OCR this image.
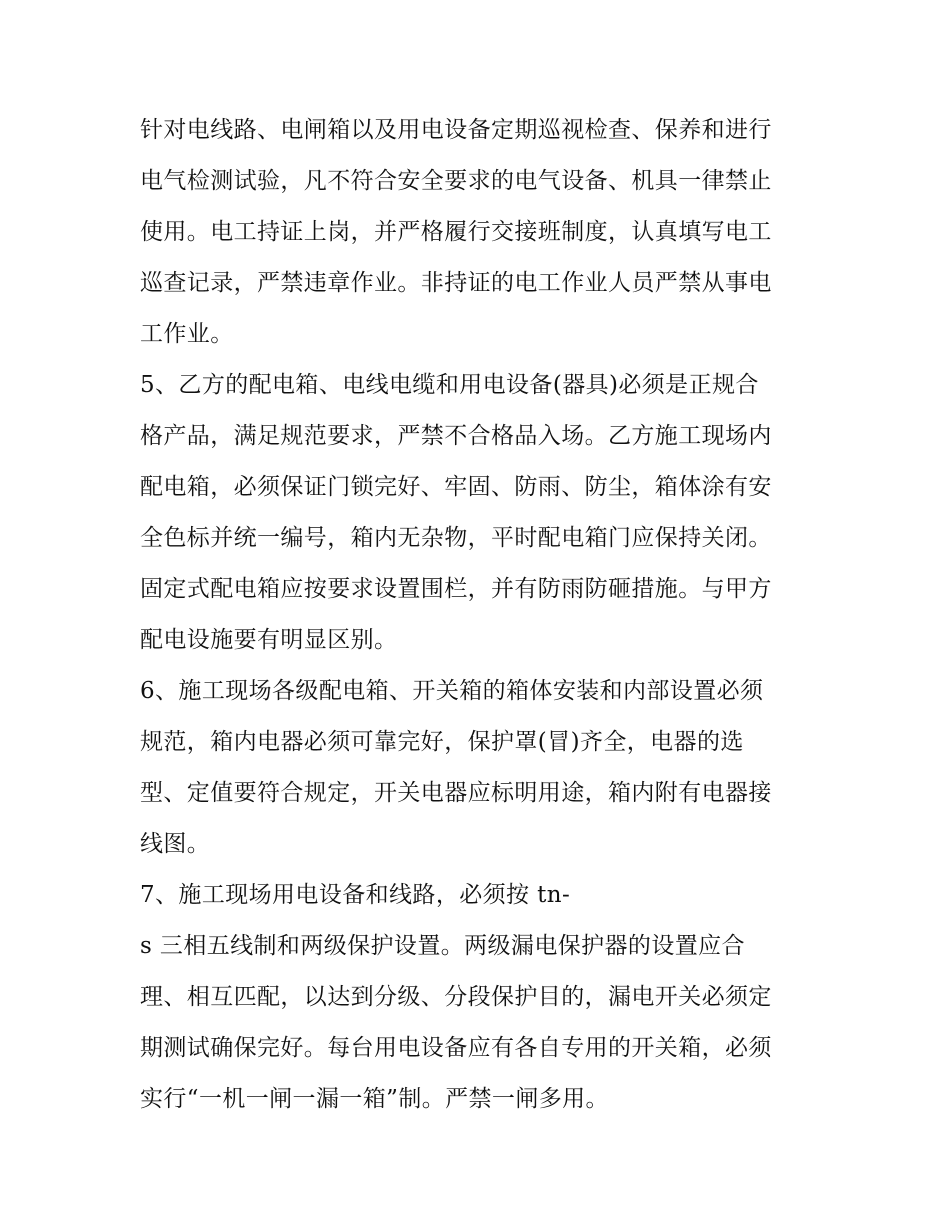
针对电线路、电闸箱以及用电设备定期巡视检查、保养和进行
电气检测试验，凡不符合安全要求的电气设备、机具一律禁止
使用。电工持证上岗，并严格履行交接班制度，认真填写电工
巡查记录，严禁违章作业。非持证的电工作业人员严禁从事电
工作业。
5、乙方的配电箱、电线电缆和用电设备(器具)必须是正规合
格产品，满足规范要求，严禁不合格品入场。乙方施工现场内
配电箱，必须保证门锁完好、牢固、防雨、防尘，箱体涂有安
全色标并统一编号，箱内无杂物，平时配电箱门应保持关闭。
固定式配电箱应按要求设置围栏，并有防雨防砸措施。与甲方
配电设施要有明显区别。
6、施工现场各级配电箱、开关箱的箱体安装和内部设置必须
规范，箱内电器必须可靠完好，保护罩(冒)齐全，电器的选
型、定值要符合规定，开关电器应标明用途，箱内附有电器接
线图。
7、施工现场用电设备和线路，必须按 tn-
s 三相五线制和两级保护设置。两级漏电保护器的设置应合
理、相互匹配，以达到分级、分段保护目的，漏电开关必须定
期测试确保完好。每台用电设备应有各自专用的开关箱，必须
实行“一机一闸一漏一箱”制。严禁一闸多用。
